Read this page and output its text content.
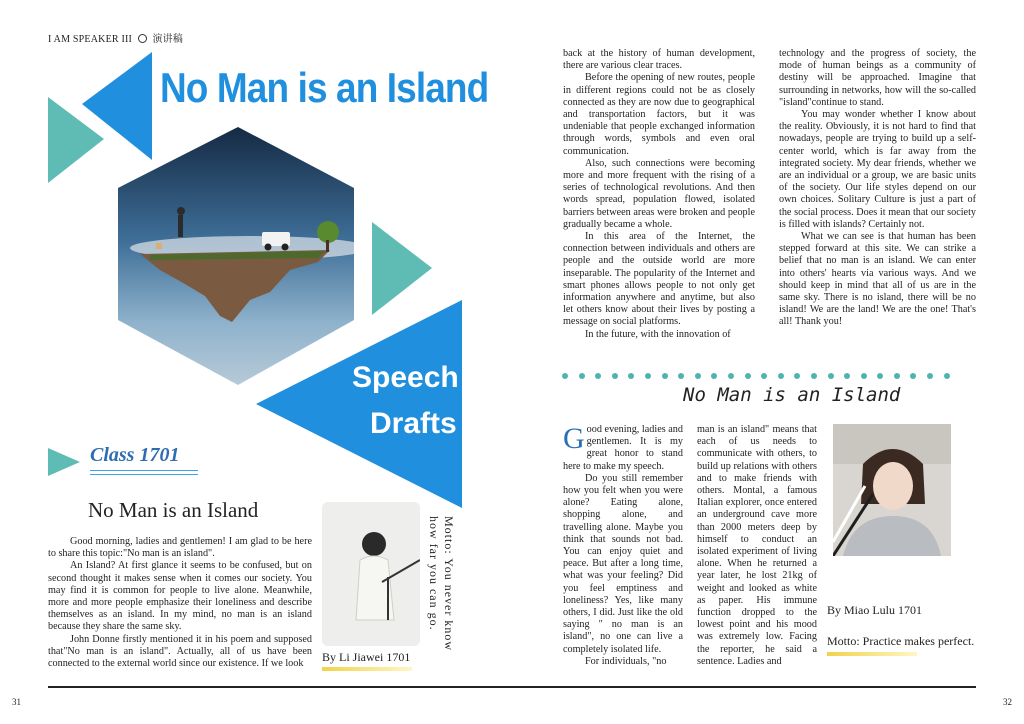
I AM SPEAKER III 演讲稿
No Man is an Island
Speech
Drafts
Class 1701
No Man is an Island

Good morning, ladies and gentlemen! I am glad to be here to share this topic:"No man is an island".

An Island? At first glance it seems to be confused, but on second thought it makes sense when it comes our society. You may find it is common for people to live alone. Meanwhile, more and more people emphasize their loneliness and describe themselves as an island. In my mind, no man is an island because they share the same sky.

John Donne firstly mentioned it in his poem and supposed that"No man is an island". Actually, all of us have been connected to the external world since our existence. If we look	By Li Jiawei 1701
Motto: You never know how far you can go.

back at the history of human development, there are various clear traces.

Before the opening of new routes, people in different regions could not be as closely connected as they are now due to geographical and transportation factors, but it was undeniable that people exchanged information through words, symbols and even oral communication.

Also, such connections were becoming more and more frequent with the rising of a series of technological revolutions. And then words spread, population flowed, isolated barriers between areas were broken and people gradually became a whole.

In this area of the Internet, the connection between individuals and others are people and the outside world are more inseparable. The popularity of the Internet and smart phones allows people to not only get information anywhere and anytime, but also let others know about their lives by posting a message on social platforms.

In the future, with the innovation of

technology and the progress of society, the mode of human beings as a community of destiny will be approached. Imagine that surrounding in networks, how will the so-called "island"continue to stand.

You may wonder whether I know about the reality. Obviously, it is not hard to find that nowadays, people are trying to build up a self-center world, which is far away from the integrated society. My dear friends, whether we are an individual or a group, we are basic units of the society. Our life styles depend on our own choices. Solitary Culture is just a part of the social process. Does it mean that our society is filled with islands? Certainly not.

What we can see is that human has been stepped forward at this site. We can strike a belief that no man is an island. We can enter into others' hearts via various ways. And we should keep in mind that all of us are in the same sky. There is no island, there will be no island! We are the land! We are the one! That's all! Thank you!

No Man is an Island

Good evening, ladies and gentlemen. It is my great honor to stand here to make my speech.

Do you still remember how you felt when you were alone? Eating alone, shopping alone, and travelling alone. Maybe you think that sounds not bad. You can enjoy quiet and peace. But after a long time, what was your feeling? Did you feel emptiness and loneliness? Yes, like many others, I did. Just like the old saying " no man is an island", no one can live a completely isolated life.

For individuals, "no

man is an island" means that each of us needs to communicate with others, to build up relations with others and to make friends with others. Montal, a famous Italian explorer, once entered an underground cave more than 2000 meters deep by himself to conduct an isolated experiment of living alone. When he returned a year later, he lost 21kg of weight and looked as white as paper. His immune function dropped to the lowest point and his mood was extremely low. Facing the reporter, he said a sentence. Ladies and

By Miao Lulu 1701
Motto: Practice makes perfect.
31	32
